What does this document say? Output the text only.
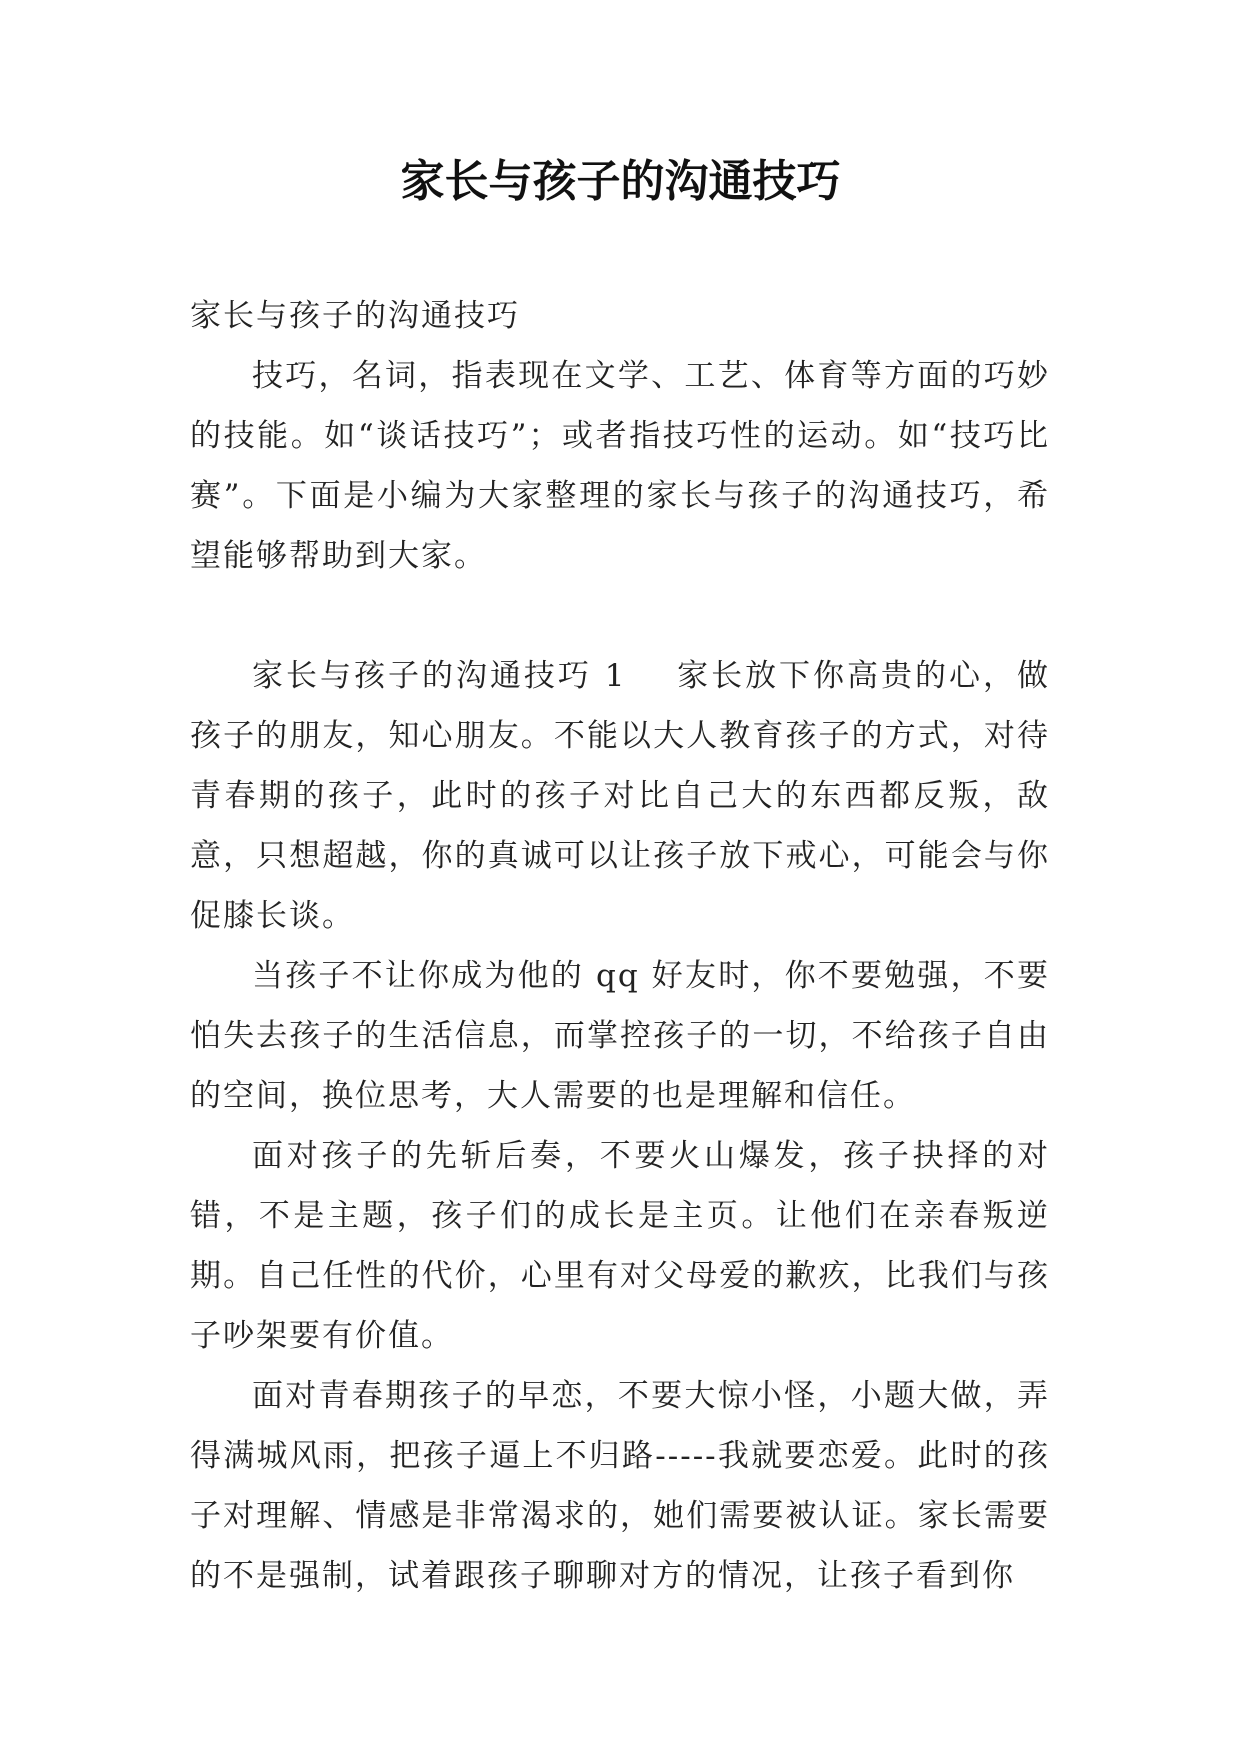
家长与孩子的沟通技巧

家长与孩子的沟通技巧

技巧，名词，指表现在文学、工艺、体育等方面的巧妙的技能。如“谈话技巧”；或者指技巧性的运动。如“技巧比赛”。下面是小编为大家整理的家长与孩子的沟通技巧，希望能够帮助到大家。

家长与孩子的沟通技巧 1 家长放下你高贵的心，做孩子的朋友，知心朋友。不能以大人教育孩子的方式，对待青春期的孩子，此时的孩子对比自己大的东西都反叛，敌意，只想超越，你的真诚可以让孩子放下戒心，可能会与你促膝长谈。

当孩子不让你成为他的 qq 好友时，你不要勉强，不要怕失去孩子的生活信息，而掌控孩子的一切，不给孩子自由的空间，换位思考，大人需要的也是理解和信任。

面对孩子的先斩后奏，不要火山爆发，孩子抉择的对错，不是主题，孩子们的成长是主页。让他们在亲春叛逆期。自己任性的代价，心里有对父母爱的歉疚，比我们与孩子吵架要有价值。

面对青春期孩子的早恋，不要大惊小怪，小题大做，弄得满城风雨，把孩子逼上不归路-----我就要恋爱。此时的孩子对理解、情感是非常渴求的，她们需要被认证。家长需要的不是强制，试着跟孩子聊聊对方的情况，让孩子看到你
